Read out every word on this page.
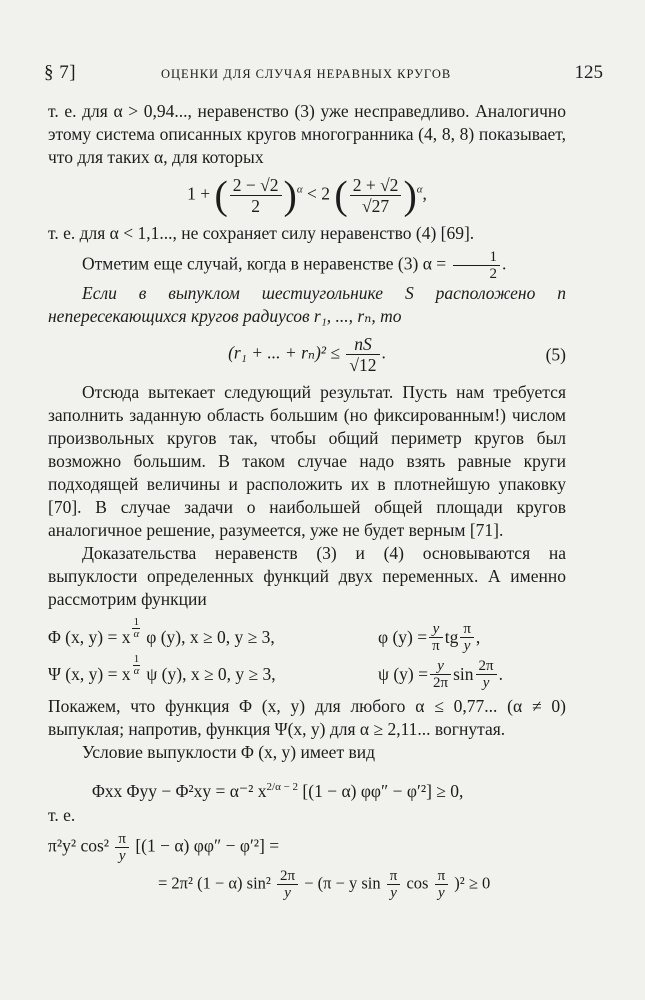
§ 7]	ОЦЕНКИ ДЛЯ СЛУЧАЯ НЕРАВНЫХ КРУГОВ	125

т. е. для α > 0,94..., неравенство (3) уже несправедливо. Аналогично этому система описанных кругов многогранника (4, 8, 8) показывает, что для таких α, для которых

1 + ( $\frac{2 - √2}{2} )^\alpha < 2$ ( $\frac{2 + √2}{√27} )^\alpha$,

т. е. для α < 1,1..., не сохраняет силу неравенство (4) [69].

Отметим еще случай, когда в неравенстве (3) $\alpha = \frac{1}{2}$ .

Если в выпуклом шестиугольнике S расположено n непересекающихся кругов радиусов r₁, ..., rₙ, то

(r₁ + ... + $r_n)^2 \le \frac{nS}{√12}$ .	(5)

Отсюда вытекает следующий результат. Пусть нам требуется заполнить заданную область большим (но фиксированным!) числом произвольных кругов так, чтобы общий периметр кругов был возможно большим. В таком случае надо взять равные круги подходящей величины и расположить их в плотнейшую упаковку [70]. В случае задачи о наибольшей общей площади кругов аналогичное решение, разумеется, уже не будет верным [71].

Доказательства неравенств (3) и (4) основываются на выпуклости определенных функций двух переменных. А именно рассмотрим функции

Φ (x, y) = x $\frac{1}{\alpha}$ φ (y), x ≥ 0, y ≥ 3,	φ $(y) = \frac{y}{\pi}$ tg $\frac{\pi}{y}$ ,
Ψ (x, y) = x $\frac{1}{\alpha}$ ψ (y), x ≥ 0, y ≥ 3,	ψ $(y) = \frac{y}{2\pi}$ $\sin \frac{2\pi}{y}$ .

Покажем, что функция Φ (x, y) для любого α ≤ 0,77... (α ≠ 0) выпуклая; напротив, функция Ψ(x, y) для α ≥ 2,11... вогнутая.

Условие выпуклости Φ (x, y) имеет вид

Φxx Φyy − Φ²xy = α⁻² $x^{2/\alpha - 2}$ [(1 − α) φφ″ − φ′²] ≥ 0,

т. е.

π²y² $\cos^2 \frac{\pi}{y} [(1 - \alpha) \varphi\varphi'' - \varphi'^2]$ =
= 2π² (1 − α) $\sin^2 \frac{2\pi}{y} - (\pi - y$ $\sin \frac{\pi}{y}$ $\cos \frac{\pi}{y} )^2 \ge 0$
